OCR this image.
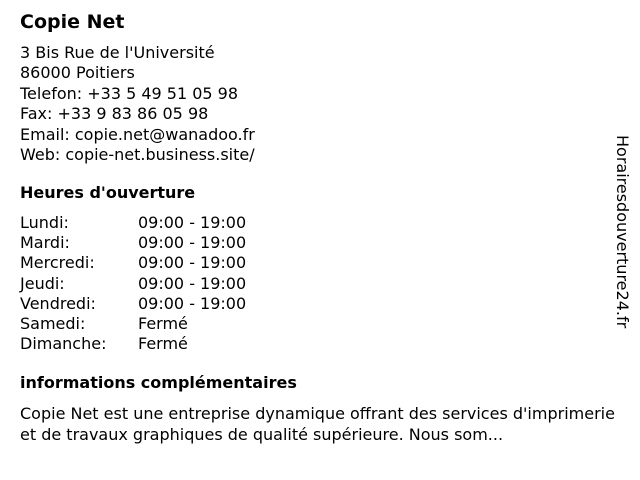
Copie Net
3 Bis Rue de l'Université
86000 Poitiers
Telefon: +33 5 49 51 05 98
Fax: +33 9 83 86 05 98
Email: copie.net@wanadoo.fr
Web: copie-net.business.site/
Heures d'ouverture
Lundi:	09:00 - 19:00
Mardi:	09:00 - 19:00
Mercredi:	09:00 - 19:00
Jeudi:	09:00 - 19:00
Vendredi:	09:00 - 19:00
Samedi:	Fermé
Dimanche:	Fermé
informations complémentaires
Copie Net est une entreprise dynamique offrant des services d'imprimerie et de travaux graphiques de qualité supérieure. Nous som...
Horairesdouverture24.fr
